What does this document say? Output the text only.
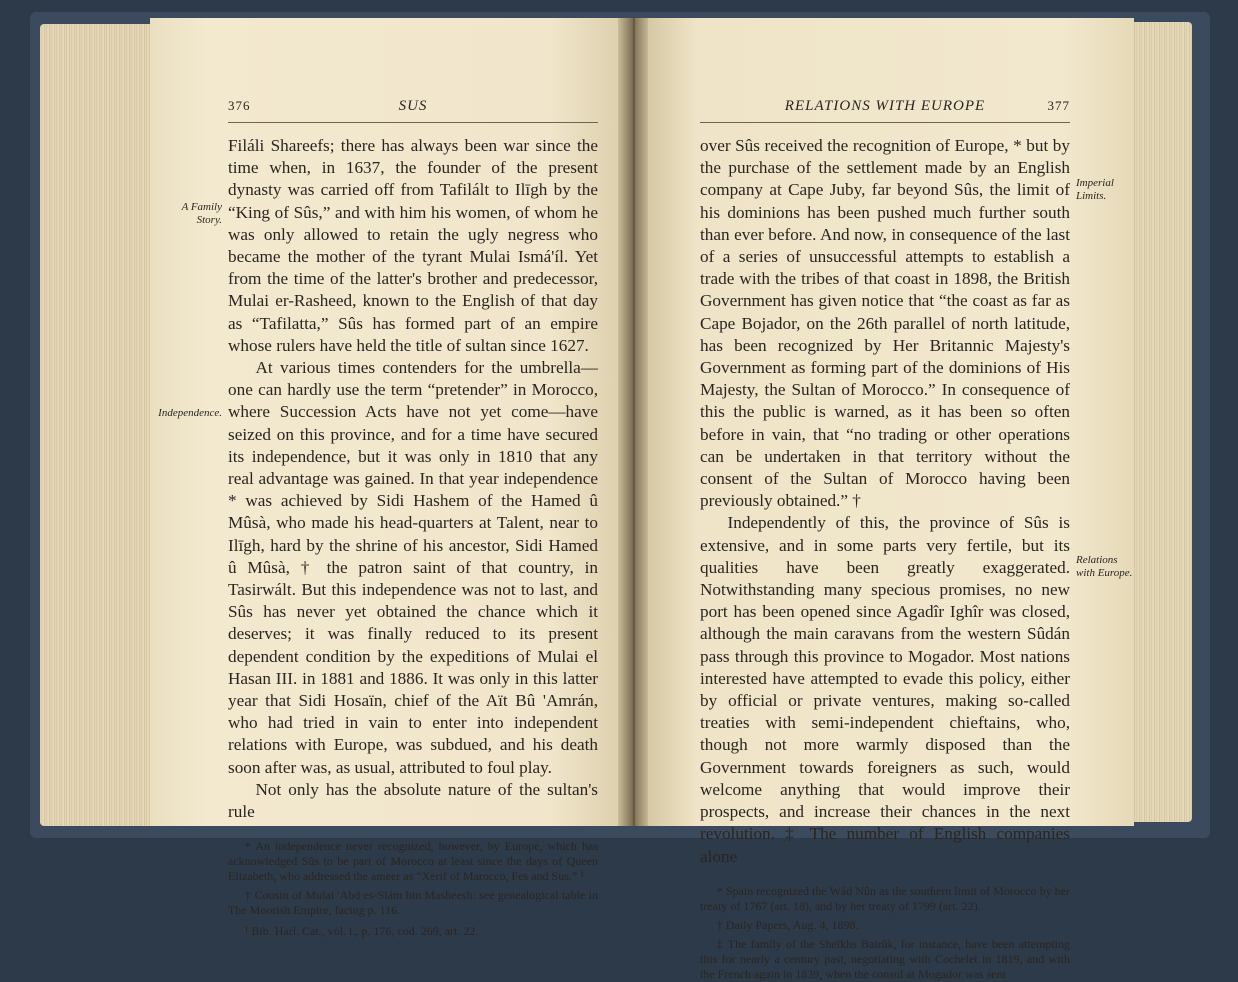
376	SUS
A Family Story.

Filáli Shareefs; there has always been war since the time when, in 1637, the founder of the present dynasty was carried off from Tafilált to Ilīgh by the “King of Sûs,” and with him his women, of whom he was only allowed to retain the ugly negress who became the mother of the tyrant Mulai Ismá'íl. Yet from the time of the latter's brother and predecessor, Mulai er-Rasheed, known to the English of that day as “Tafilatta,” Sûs has formed part of an empire whose rulers have held the title of sultan since 1627.

Independence.

At various times contenders for the umbrella—one can hardly use the term “pretender” in Morocco, where Succession Acts have not yet come—have seized on this province, and for a time have secured its independence, but it was only in 1810 that any real advantage was gained. In that year independence * was achieved by Sidi Hashem of the Hamed û Mûsà, who made his head-quarters at Talent, near to Ilīgh, hard by the shrine of his ancestor, Sidi Hamed û Mûsà, † the patron saint of that country, in Tasirwált. But this independence was not to last, and Sûs has never yet obtained the chance which it deserves; it was finally reduced to its present dependent condition by the expeditions of Mulai el Hasan III. in 1881 and 1886. It was only in this latter year that Sidi Hosaïn, chief of the Aït Bû 'Amrán, who had tried in vain to enter into independent relations with Europe, was subdued, and his death soon after was, as usual, attributed to foul play.

Not only has the absolute nature of the sultan's rule

* An independence never recognized, however, by Europe, which has acknowledged Sûs to be part of Morocco at least since the days of Queen Elizabeth, who addressed the ameer as “Xerif of Marocco, Fes and Sus.” ¹

† Cousin of Mulai 'Abd es-Slám bin Masheesh: see genealogical table in The Moorish Empire, facing p. 116.

¹ Bib. Harl. Cat., vol. i., p. 176, cod. 269, art. 22.

RELATIONS WITH EUROPE	377
Imperial Limits.

over Sûs received the recognition of Europe, * but by the purchase of the settlement made by an English company at Cape Juby, far beyond Sûs, the limit of his dominions has been pushed much further south than ever before. And now, in consequence of the last of a series of unsuccessful attempts to establish a trade with the tribes of that coast in 1898, the British Government has given notice that “the coast as far as Cape Bojador, on the 26th parallel of north latitude, has been recognized by Her Britannic Majesty's Government as forming part of the dominions of His Majesty, the Sultan of Morocco.” In consequence of this the public is warned, as it has been so often before in vain, that “no trading or other operations can be undertaken in that territory without the consent of the Sultan of Morocco having been previously obtained.” †

Relations with Europe.

Independently of this, the province of Sûs is extensive, and in some parts very fertile, but its qualities have been greatly exaggerated. Notwithstanding many specious promises, no new port has been opened since Agadîr Ighîr was closed, although the main caravans from the western Sûdán pass through this province to Mogador. Most nations interested have attempted to evade this policy, either by official or private ventures, making so-called treaties with semi-independent chieftains, who, though not more warmly disposed than the Government towards foreigners as such, would welcome anything that would improve their prospects, and increase their chances in the next revolution. ‡ The number of English companies alone

* Spain recognized the Wád Nûn as the southern limit of Morocco by her treaty of 1767 (art. 18), and by her treaty of 1799 (art. 22).

† Daily Papers, Aug. 4, 1898.

‡ The family of the Sheïkhs Bairûk, for instance, have been attempting this for nearly a century past, negotiating with Cochelet in 1819, and with the French again in 1839, when the consul at Mogador was sent
